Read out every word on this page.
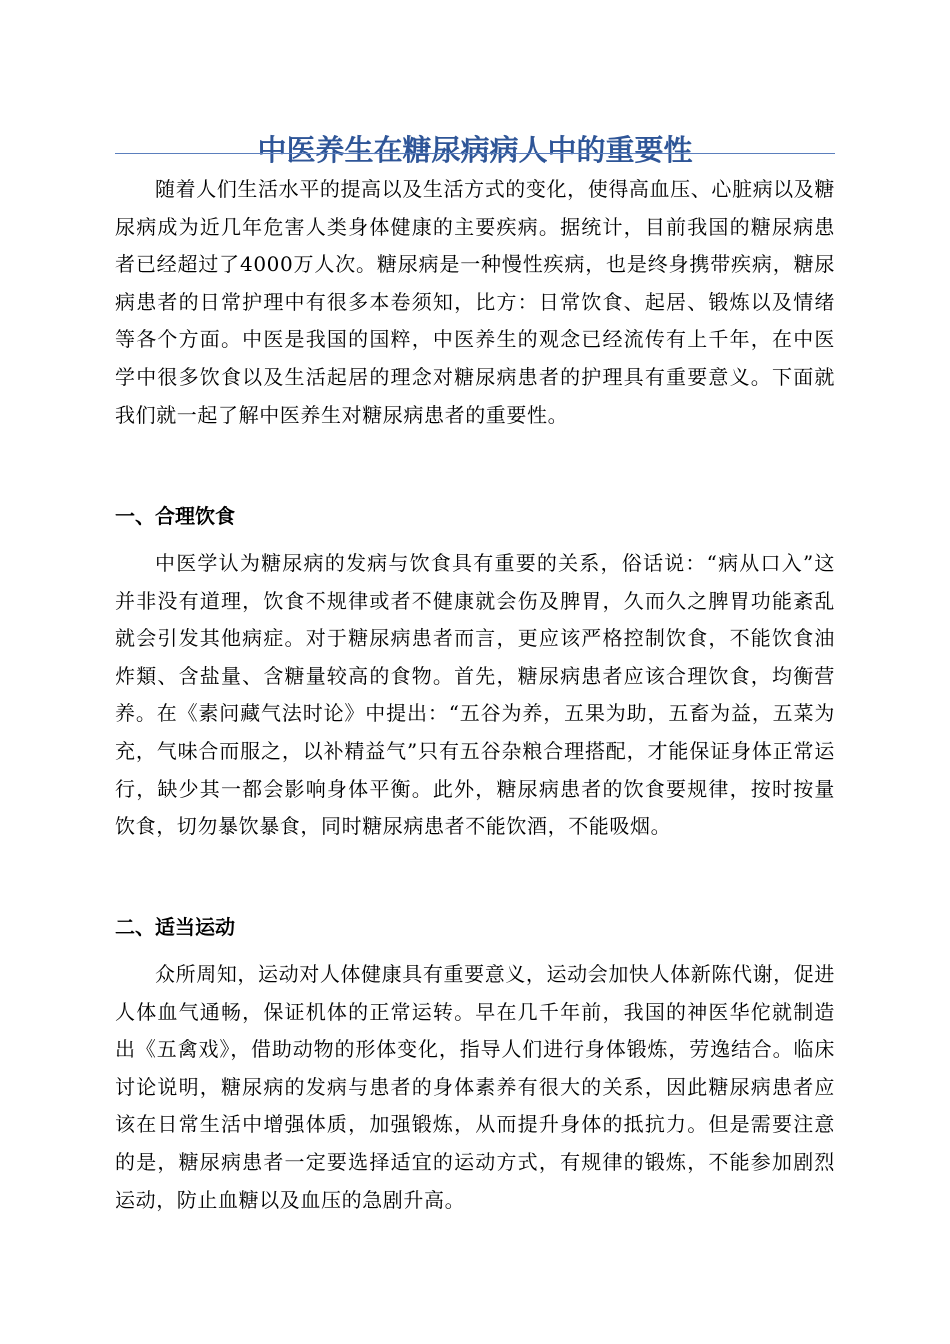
中医养生在糖尿病病人中的重要性

随着人们生活水平的提高以及生活方式的变化，使得高血压、心脏病以及糖尿病成为近几年危害人类身体健康的主要疾病。据统计，目前我国的糖尿病患者已经超过了4000万人次。糖尿病是一种慢性疾病，也是终身携带疾病，糖尿病患者的日常护理中有很多本卷须知，比方：日常饮食、起居、锻炼以及情绪等各个方面。中医是我国的国粹，中医养生的观念已经流传有上千年，在中医学中很多饮食以及生活起居的理念对糖尿病患者的护理具有重要意义。下面就我们就一起了解中医养生对糖尿病患者的重要性。

一、合理饮食

中医学认为糖尿病的发病与饮食具有重要的关系，俗话说：“病从口入”这并非没有道理，饮食不规律或者不健康就会伤及脾胃，久而久之脾胃功能紊乱就会引发其他病症。对于糖尿病患者而言，更应该严格控制饮食，不能饮食油炸類、含盐量、含糖量较高的食物。首先，糖尿病患者应该合理饮食，均衡营养。在《素问藏气法时论》中提出：“五谷为养，五果为助，五畜为益，五菜为充，气味合而服之，以补精益气”只有五谷杂粮合理搭配，才能保证身体正常运行，缺少其一都会影响身体平衡。此外，糖尿病患者的饮食要规律，按时按量饮食，切勿暴饮暴食，同时糖尿病患者不能饮酒，不能吸烟。

二、适当运动

众所周知，运动对人体健康具有重要意义，运动会加快人体新陈代谢，促进人体血气通畅，保证机体的正常运转。早在几千年前，我国的神医华佗就制造出《五禽戏》，借助动物的形体变化，指导人们进行身体锻炼，劳逸结合。临床讨论说明，糖尿病的发病与患者的身体素养有很大的关系，因此糖尿病患者应该在日常生活中增强体质，加强锻炼，从而提升身体的抵抗力。但是需要注意的是，糖尿病患者一定要选择适宜的运动方式，有规律的锻炼，不能参加剧烈运动，防止血糖以及血压的急剧升高。
